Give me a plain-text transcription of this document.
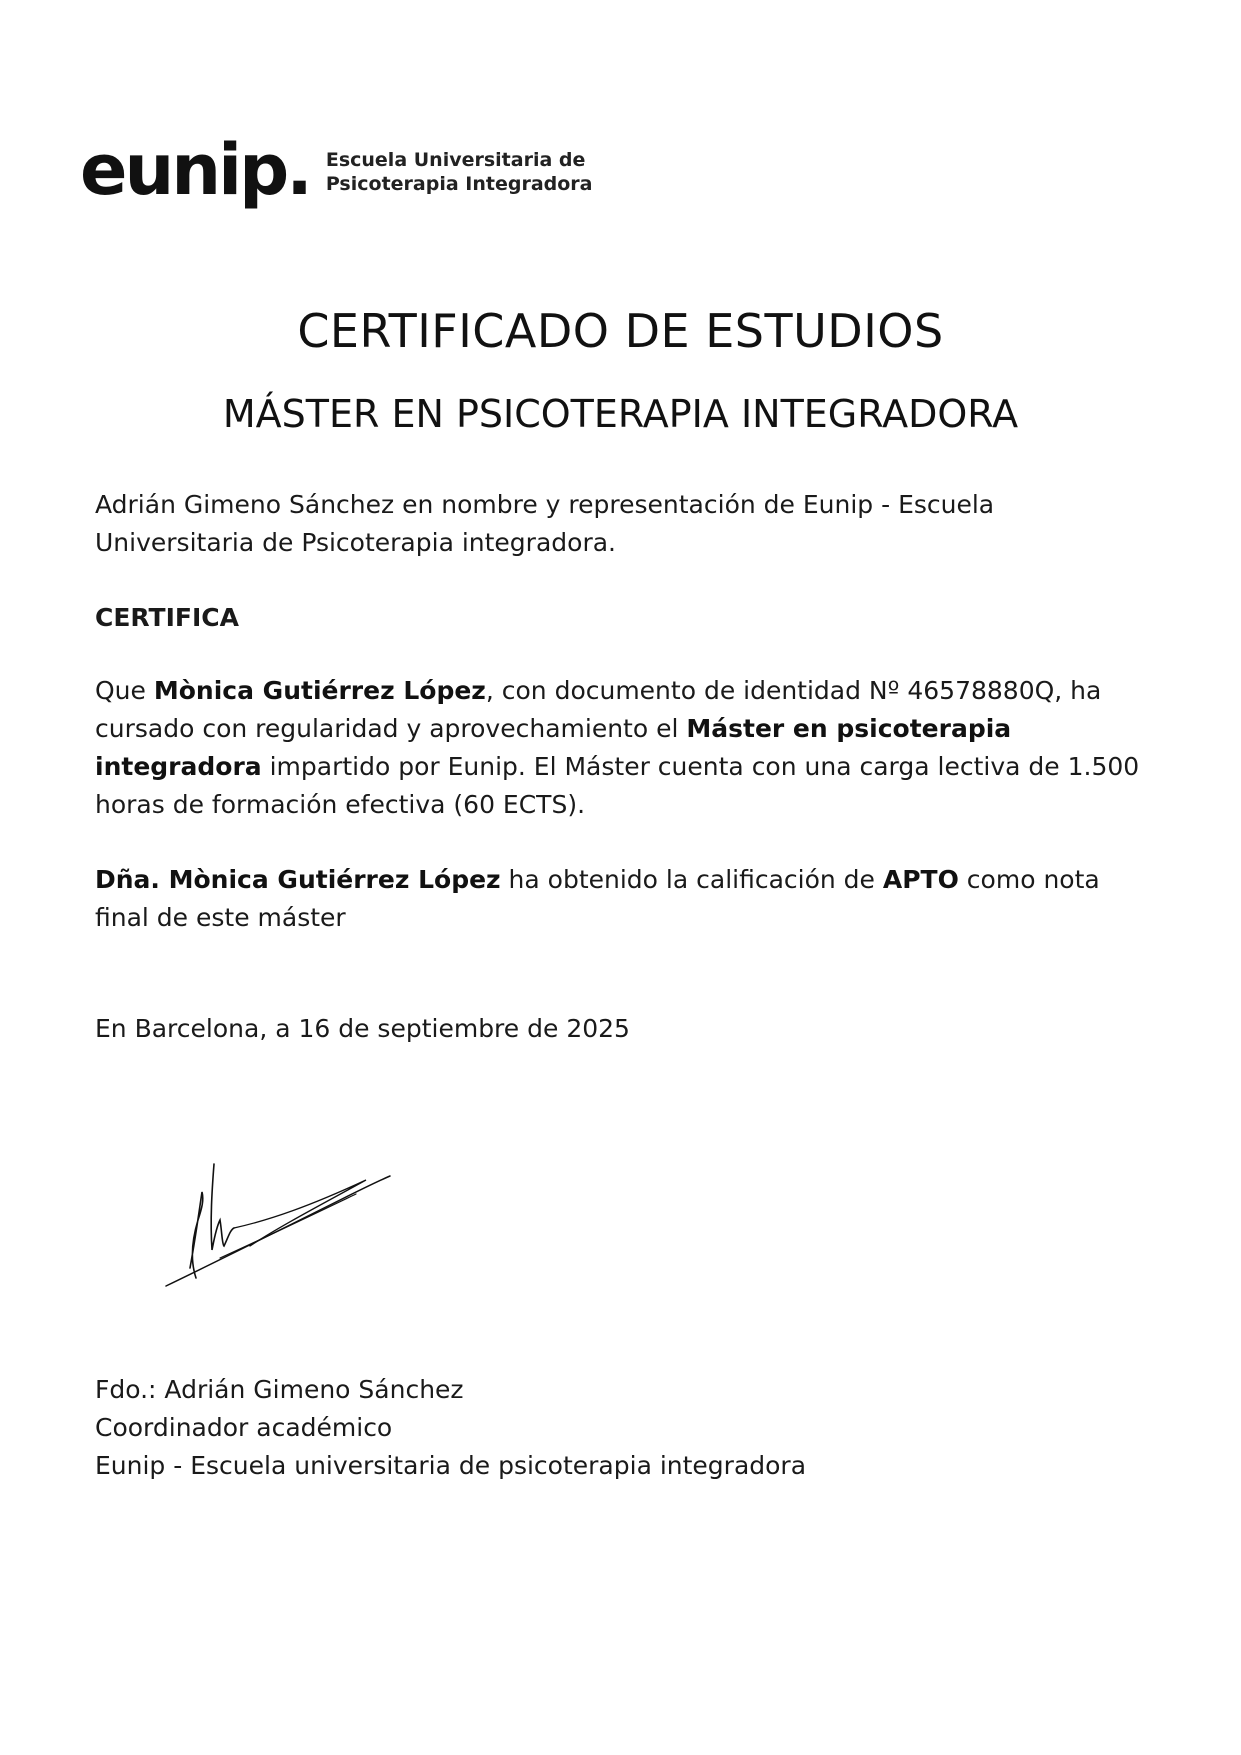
eunip. Escuela Universitaria de
Psicoterapia Integradora
CERTIFICADO DE ESTUDIOS
MÁSTER EN PSICOTERAPIA INTEGRADORA
Adrián Gimeno Sánchez en nombre y representación de Eunip - Escuela Universitaria de Psicoterapia integradora.
CERTIFICA
Que Mònica Gutiérrez López, con documento de identidad Nº 46578880Q, ha cursado con regularidad y aprovechamiento el Máster en psicoterapia integradora impartido por Eunip. El Máster cuenta con una carga lectiva de 1.500 horas de formación efectiva (60 ECTS).
Dña. Mònica Gutiérrez López ha obtenido la calificación de APTO como nota final de este máster
En Barcelona, a 16 de septiembre de 2025
Fdo.: Adrián Gimeno Sánchez
Coordinador académico
Eunip - Escuela universitaria de psicoterapia integradora
